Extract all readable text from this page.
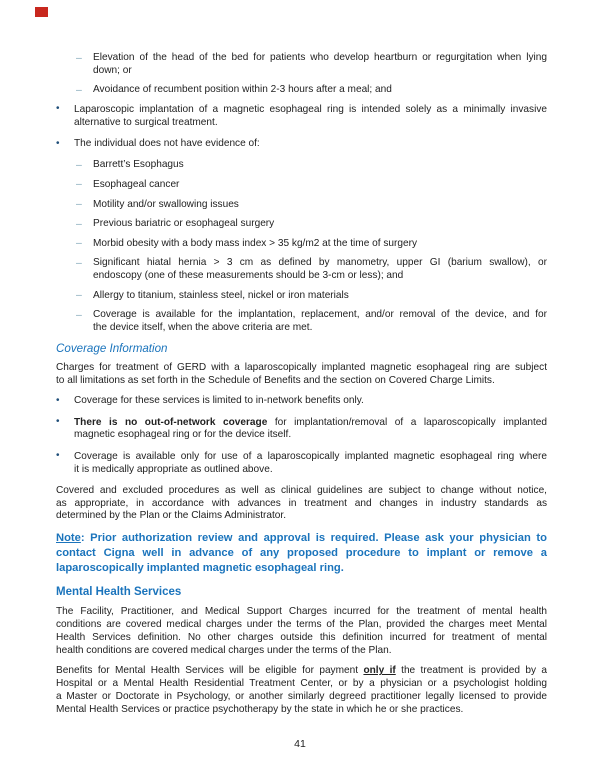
– Elevation of the head of the bed for patients who develop heartburn or regurgitation when lying
down; or
– Avoidance of recumbent position within 2-3 hours after a meal; and
• Laparoscopic implantation of a magnetic esophageal ring is intended solely as a minimally invasive
alternative to surgical treatment.
• The individual does not have evidence of:
– Barrett’s Esophagus
– Esophageal cancer
– Motility and/or swallowing issues
– Previous bariatric or esophageal surgery
– Morbid obesity with a body mass index > 35 kg/m2 at the time of surgery
– Significant hiatal hernia > 3 cm as defined by manometry, upper GI (barium swallow), or
endoscopy (one of these measurements should be 3-cm or less); and
– Allergy to titanium, stainless steel, nickel or iron materials
– Coverage is available for the implantation, replacement, and/or removal of the device, and for
the device itself, when the above criteria are met.
Coverage Information
Charges for treatment of GERD with a laparoscopically implanted magnetic esophageal ring are subject
to all limitations as set forth in the Schedule of Benefits and the section on Covered Charge Limits.
• Coverage for these services is limited to in-network benefits only.
• There is no out-of-network coverage for implantation/removal of a laparoscopically implanted
magnetic esophageal ring or for the device itself.
• Coverage is available only for use of a laparoscopically implanted magnetic esophageal ring where
it is medically appropriate as outlined above.
Covered and excluded procedures as well as clinical guidelines are subject to change without notice,
as appropriate, in accordance with advances in treatment and changes in industry standards as
determined by the Plan or the Claims Administrator.
Note: Prior authorization review and approval is required. Please ask your physician to
contact Cigna well in advance of any proposed procedure to implant or remove a
laparoscopically implanted magnetic esophageal ring.
Mental Health Services
The Facility, Practitioner, and Medical Support Charges incurred for the treatment of mental health
conditions are covered medical charges under the terms of the Plan, provided the charges meet Mental
Health Services definition. No other charges outside this definition incurred for treatment of mental
health conditions are covered medical charges under the terms of the Plan.
Benefits for Mental Health Services will be eligible for payment only if the treatment is provided by a
Hospital or a Mental Health Residential Treatment Center, or by a physician or a psychologist holding
a Master or Doctorate in Psychology, or another similarly degreed practitioner legally licensed to provide
Mental Health Services or practice psychotherapy by the state in which he or she practices.
41
